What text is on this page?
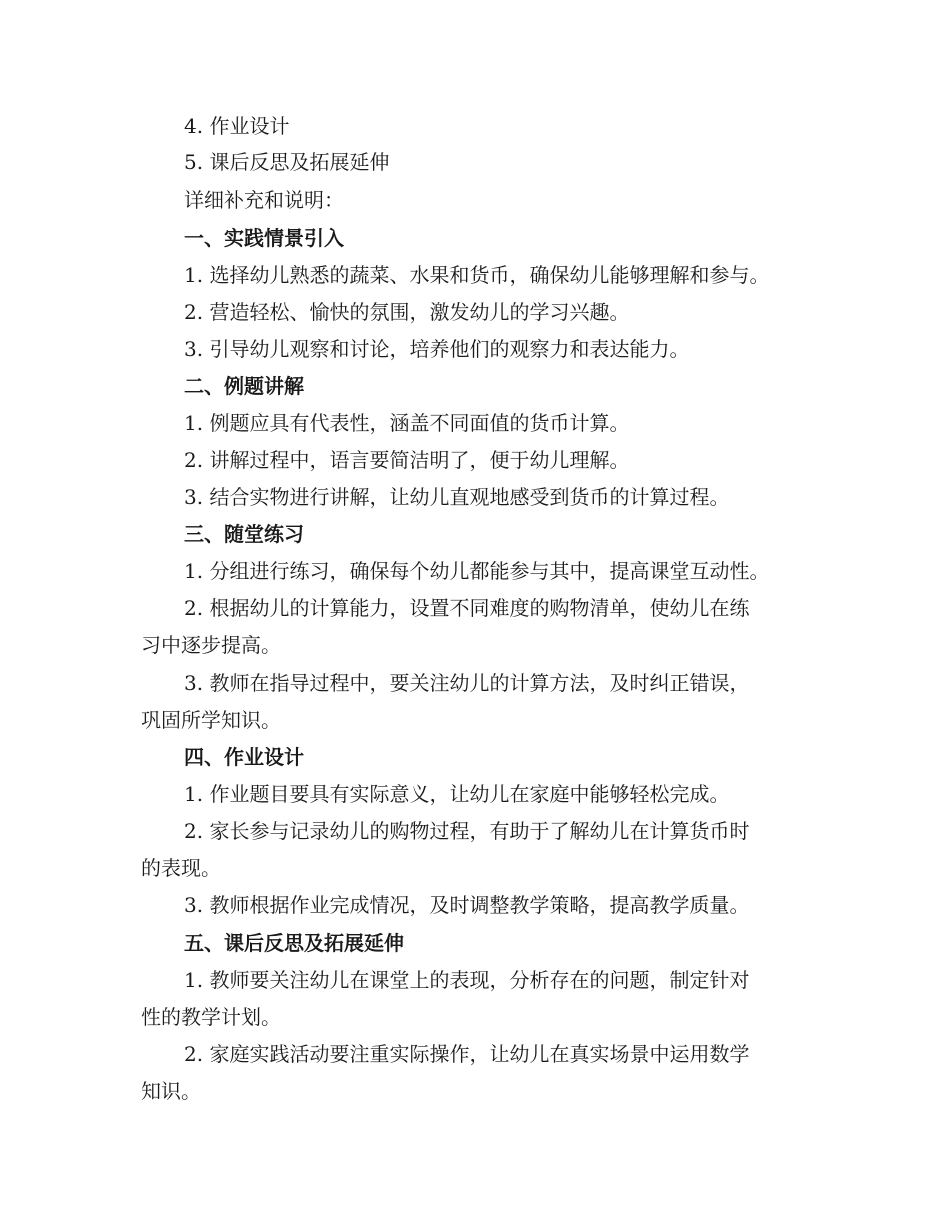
4. 作业设计
5. 课后反思及拓展延伸
详细补充和说明：
一、实践情景引入
1. 选择幼儿熟悉的蔬菜、水果和货币，确保幼儿能够理解和参与。
2. 营造轻松、愉快的氛围，激发幼儿的学习兴趣。
3. 引导幼儿观察和讨论，培养他们的观察力和表达能力。
二、例题讲解
1. 例题应具有代表性，涵盖不同面值的货币计算。
2. 讲解过程中，语言要简洁明了，便于幼儿理解。
3. 结合实物进行讲解，让幼儿直观地感受到货币的计算过程。
三、随堂练习
1. 分组进行练习，确保每个幼儿都能参与其中，提高课堂互动性。
2. 根据幼儿的计算能力，设置不同难度的购物清单，使幼儿在练
习中逐步提高。
3. 教师在指导过程中，要关注幼儿的计算方法，及时纠正错误，
巩固所学知识。
四、作业设计
1. 作业题目要具有实际意义，让幼儿在家庭中能够轻松完成。
2. 家长参与记录幼儿的购物过程，有助于了解幼儿在计算货币时
的表现。
3. 教师根据作业完成情况，及时调整教学策略，提高教学质量。
五、课后反思及拓展延伸
1. 教师要关注幼儿在课堂上的表现，分析存在的问题，制定针对
性的教学计划。
2. 家庭实践活动要注重实际操作，让幼儿在真实场景中运用数学
知识。
